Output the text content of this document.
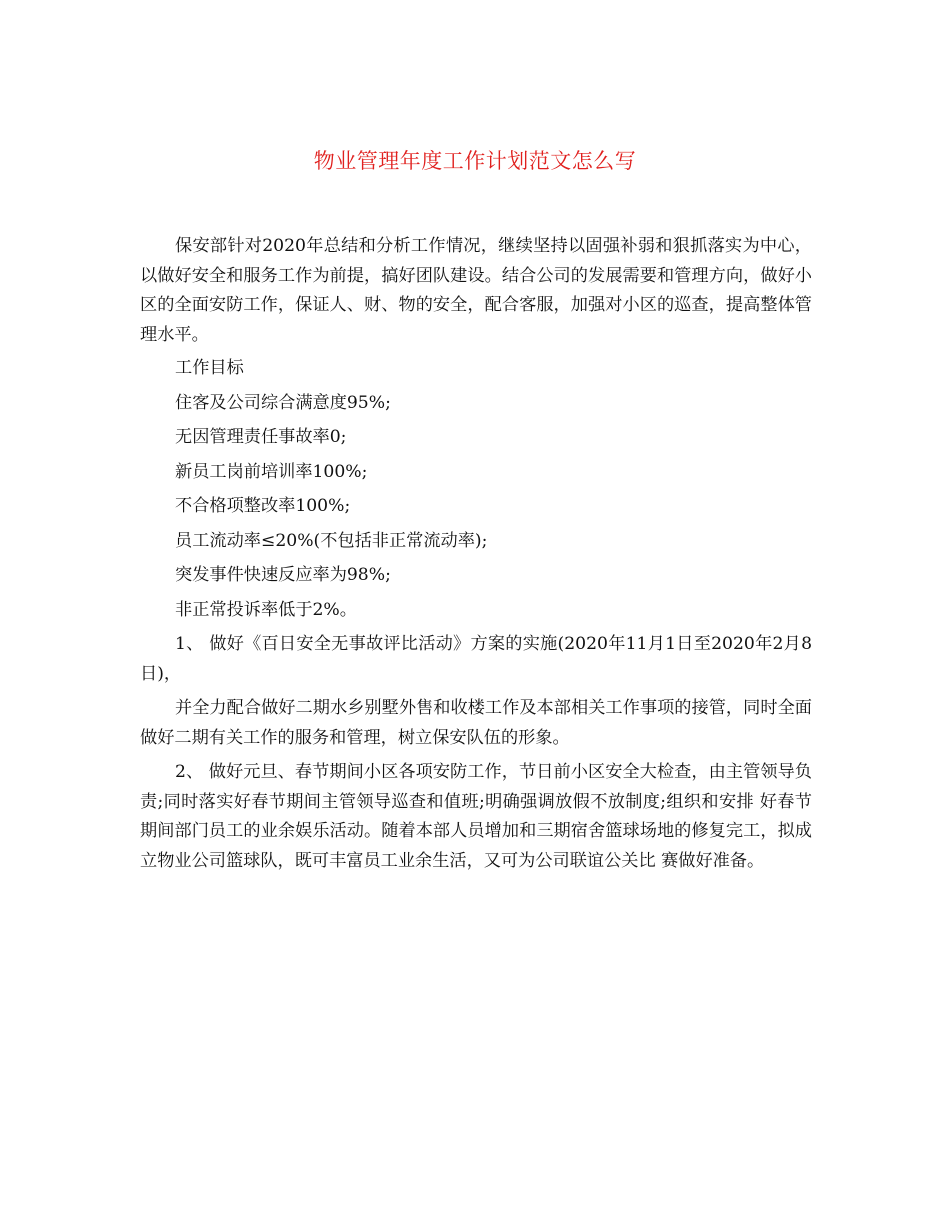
物业管理年度工作计划范文怎么写

保安部针对2020年总结和分析工作情况，继续坚持以固强补弱和狠抓落实为中心，以做好安全和服务工作为前提，搞好团队建设。结合公司的发展需要和管理方向，做好小区的全面安防工作，保证人、财、物的安全，配合客服，加强对小区的巡查，提高整体管理水平。

工作目标

住客及公司综合满意度95%;

无因管理责任事故率0;

新员工岗前培训率100%;

不合格项整改率100%;

员工流动率≤20%(不包括非正常流动率);

突发事件快速反应率为98%;

非正常投诉率低于2%。

1、 做好《百日安全无事故评比活动》方案的实施(2020年11月1日至2020年2月8日)，

并全力配合做好二期水乡别墅外售和收楼工作及本部相关工作事项的接管，同时全面做好二期有关工作的服务和管理，树立保安队伍的形象。

2、 做好元旦、春节期间小区各项安防工作，节日前小区安全大检查，由主管领导负责;同时落实好春节期间主管领导巡查和值班;明确强调放假不放制度;组织和安排 好春节期间部门员工的业余娱乐活动。随着本部人员增加和三期宿舍篮球场地的修复完工，拟成立物业公司篮球队，既可丰富员工业余生活，又可为公司联谊公关比 赛做好准备。
